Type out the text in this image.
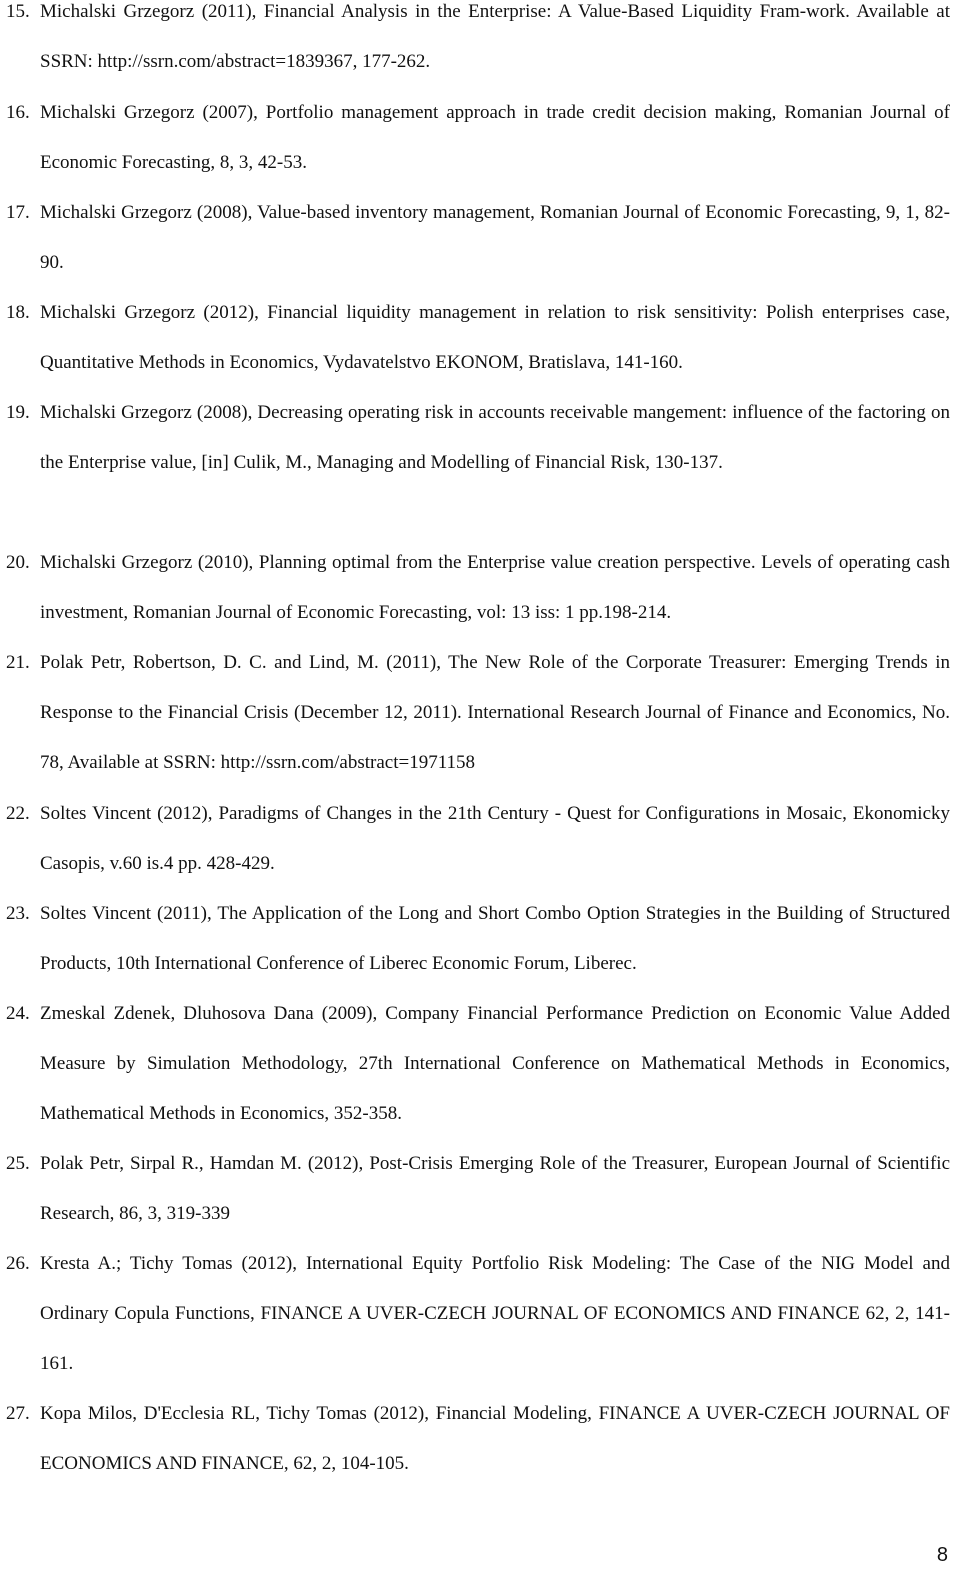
15. Michalski Grzegorz (2011), Financial Analysis in the Enterprise: A Value-Based Liquidity Fram-work. Available at SSRN: http://ssrn.com/abstract=1839367, 177-262.
16. Michalski Grzegorz (2007), Portfolio management approach in trade credit decision making, Romanian Journal of Economic Forecasting, 8, 3, 42-53.
17. Michalski Grzegorz (2008), Value-based inventory management, Romanian Journal of Economic Forecasting, 9, 1, 82-90.
18. Michalski Grzegorz (2012), Financial liquidity management in relation to risk sensitivity: Polish enterprises case, Quantitative Methods in Economics, Vydavatelstvo EKONOM, Bratislava, 141-160.
19. Michalski Grzegorz (2008), Decreasing operating risk in accounts receivable mangement: influence of the factoring on the Enterprise value, [in] Culik, M., Managing and Modelling of Financial Risk, 130-137.
20. Michalski Grzegorz (2010), Planning optimal from the Enterprise value creation perspective. Levels of operating cash investment, Romanian Journal of Economic Forecasting, vol: 13 iss: 1 pp.198-214.
21. Polak Petr, Robertson, D. C. and Lind, M. (2011), The New Role of the Corporate Treasurer: Emerging Trends in Response to the Financial Crisis (December 12, 2011). International Research Journal of Finance and Economics, No. 78, Available at SSRN: http://ssrn.com/abstract=1971158
22. Soltes Vincent (2012), Paradigms of Changes in the 21th Century - Quest for Configurations in Mosaic, Ekonomicky Casopis, v.60 is.4 pp. 428-429.
23. Soltes Vincent (2011), The Application of the Long and Short Combo Option Strategies in the Building of Structured Products, 10th International Conference of Liberec Economic Forum, Liberec.
24. Zmeskal Zdenek, Dluhosova Dana (2009), Company Financial Performance Prediction on Economic Value Added Measure by Simulation Methodology, 27th International Conference on Mathematical Methods in Economics, Mathematical Methods in Economics, 352-358.
25. Polak Petr, Sirpal R., Hamdan M. (2012), Post-Crisis Emerging Role of the Treasurer, European Journal of Scientific Research, 86, 3, 319-339
26. Kresta A.; Tichy Tomas (2012), International Equity Portfolio Risk Modeling: The Case of the NIG Model and Ordinary Copula Functions, FINANCE A UVER-CZECH JOURNAL OF ECONOMICS AND FINANCE 62, 2, 141-161.
27. Kopa Milos, D'Ecclesia RL, Tichy Tomas (2012), Financial Modeling, FINANCE A UVER-CZECH JOURNAL OF ECONOMICS AND FINANCE, 62, 2, 104-105.
8
